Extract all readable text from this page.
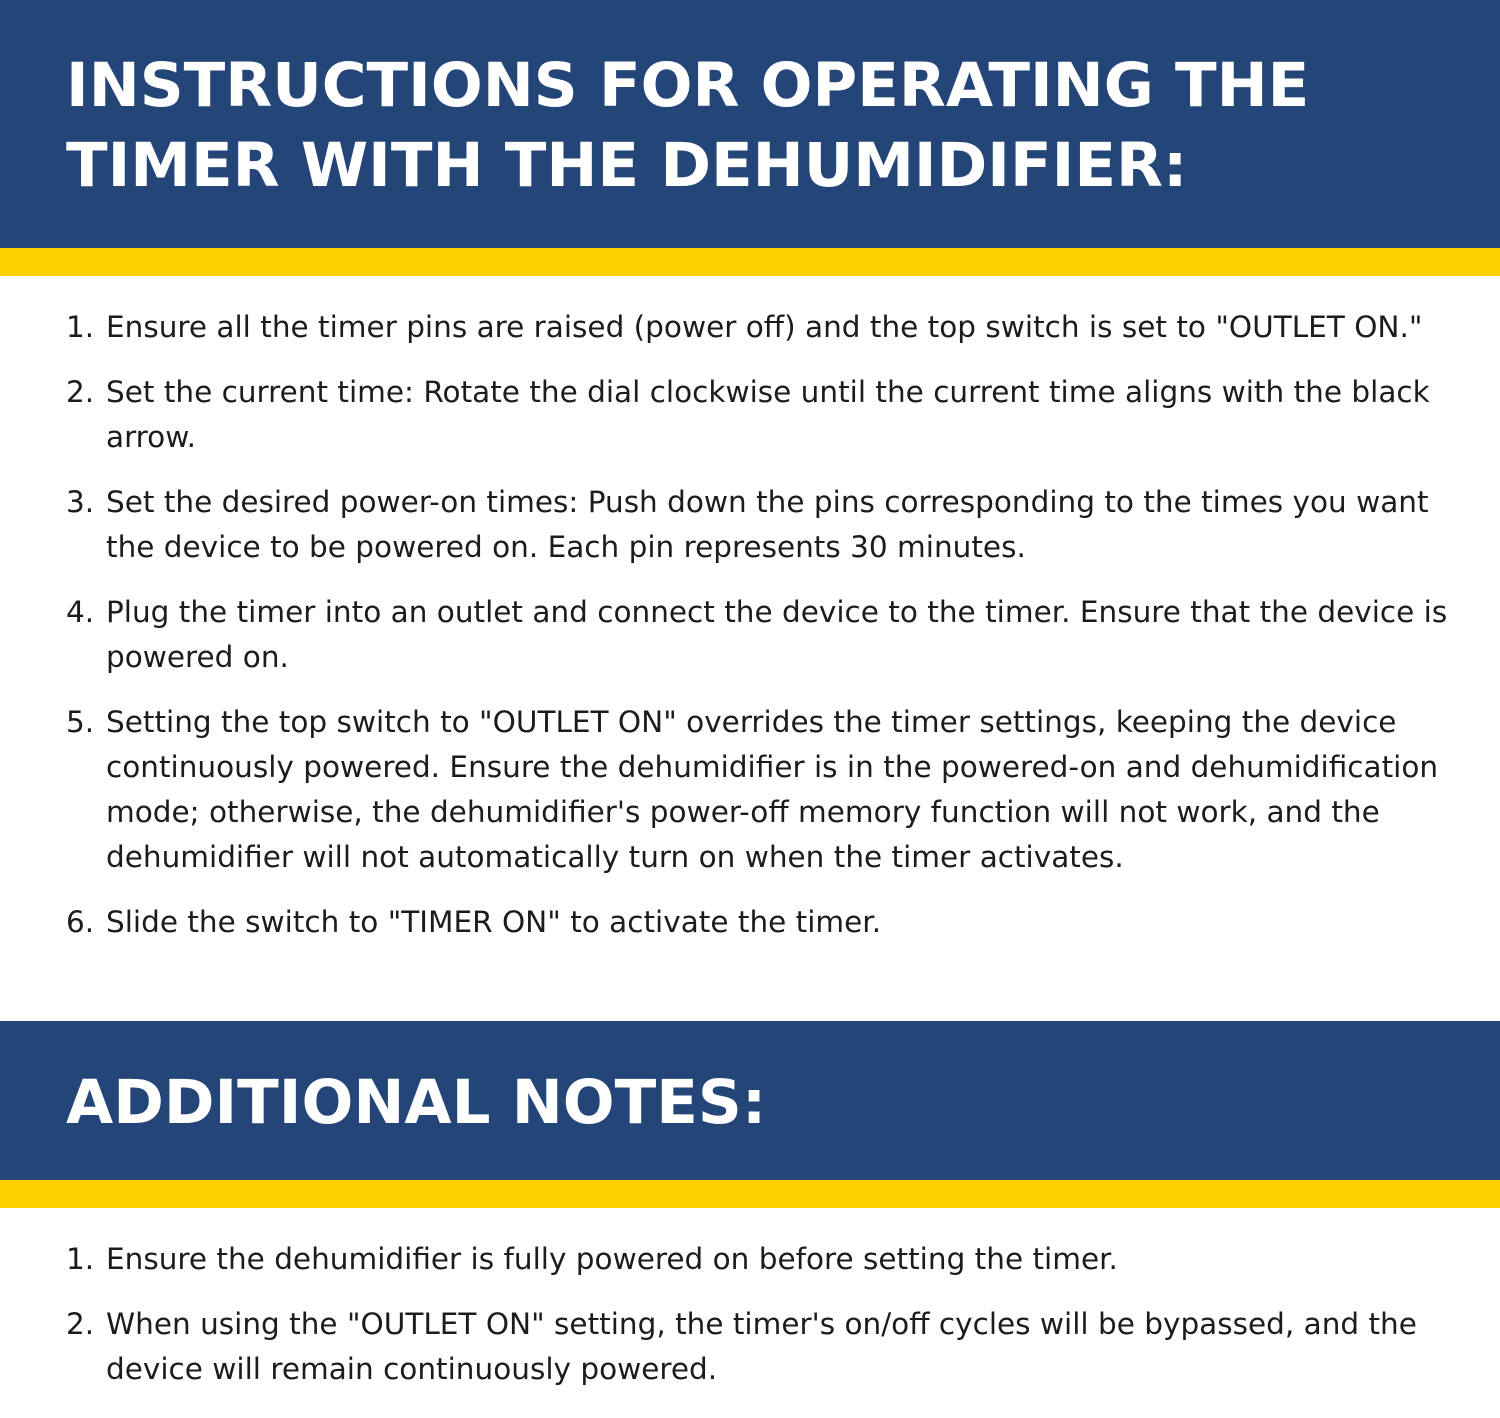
INSTRUCTIONS FOR OPERATING THE
TIMER WITH THE DEHUMIDIFIER:
1. Ensure all the timer pins are raised (power off) and the top switch is set to "OUTLET ON."
2. Set the current time: Rotate the dial clockwise until the current time aligns with the black arrow.
3. Set the desired power-on times: Push down the pins corresponding to the times you want the device to be powered on. Each pin represents 30 minutes.
4. Plug the timer into an outlet and connect the device to the timer. Ensure that the device is powered on.
5. Setting the top switch to "OUTLET ON" overrides the timer settings, keeping the device continuously powered. Ensure the dehumidifier is in the powered-on and dehumidification mode; otherwise, the dehumidifier's power-off memory function will not work, and the dehumidifier will not automatically turn on when the timer activates.
6. Slide the switch to "TIMER ON" to activate the timer.
ADDITIONAL NOTES:
1. Ensure the dehumidifier is fully powered on before setting the timer.
2. When using the "OUTLET ON" setting, the timer's on/off cycles will be bypassed, and the device will remain continuously powered.
